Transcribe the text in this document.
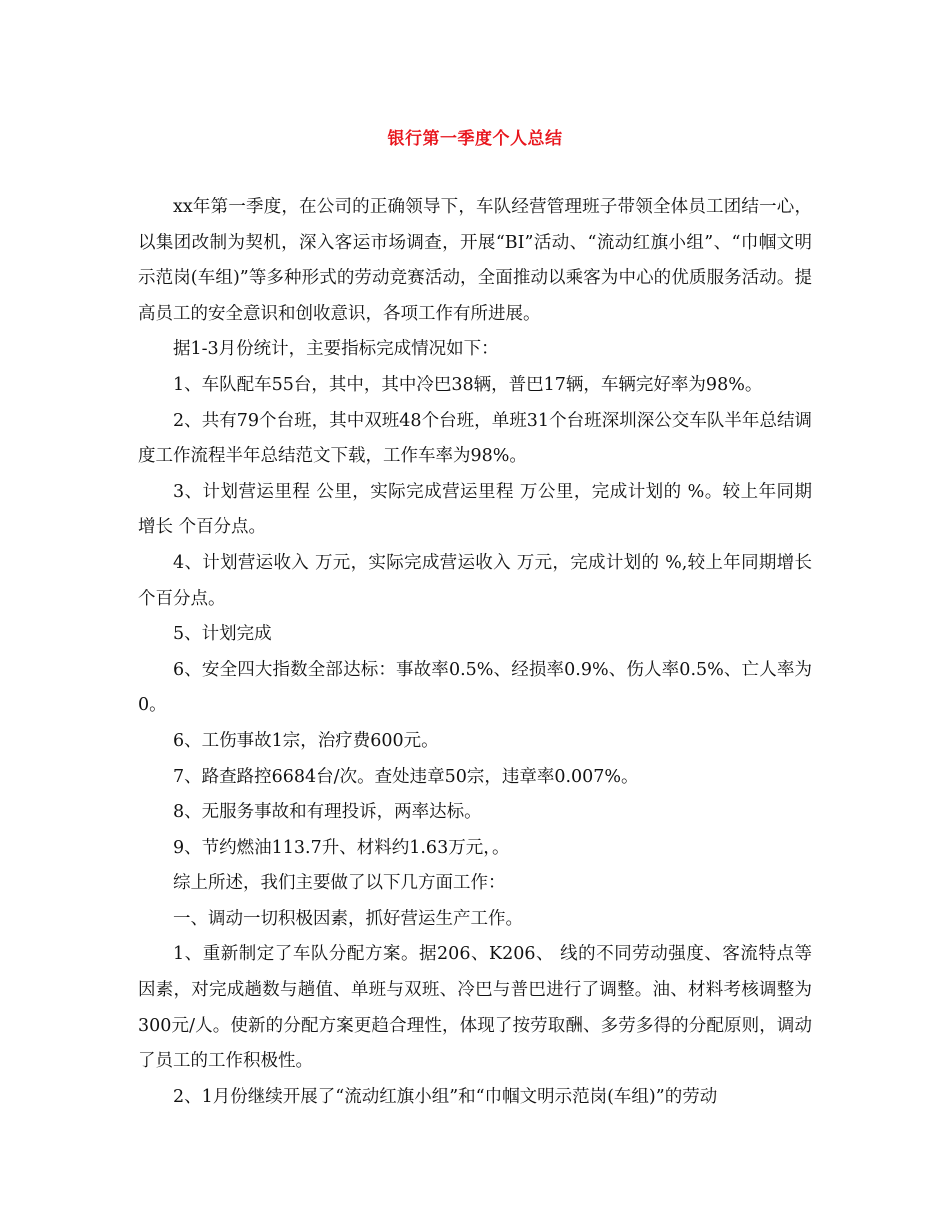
银行第一季度个人总结

xx年第一季度，在公司的正确领导下，车队经营管理班子带领全体员工团结一心，以集团改制为契机，深入客运市场调查，开展“BI”活动、“流动红旗小组”、“巾帼文明示范岗(车组)”等多种形式的劳动竞赛活动，全面推动以乘客为中心的优质服务活动。提高员工的安全意识和创收意识，各项工作有所进展。

据1-3月份统计，主要指标完成情况如下：

1、车队配车55台，其中，其中冷巴38辆，普巴17辆，车辆完好率为98%。

2、共有79个台班，其中双班48个台班，单班31个台班深圳深公交车队半年总结调度工作流程半年总结范文下载，工作车率为98%。

3、计划营运里程 公里，实际完成营运里程 万公里，完成计划的 %。较上年同期增长 个百分点。

4、计划营运收入 万元，实际完成营运收入 万元，完成计划的 %,较上年同期增长 个百分点。

5、计划完成

6、安全四大指数全部达标：事故率0.5%、经损率0.9%、伤人率0.5%、亡人率为0。

6、工伤事故1宗，治疗费600元。

7、路查路控6684台/次。查处违章50宗，违章率0.007%。

8、无服务事故和有理投诉，两率达标。

9、节约燃油113.7升、材料约1.63万元，。

综上所述，我们主要做了以下几方面工作：

一、调动一切积极因素，抓好营运生产工作。

1、重新制定了车队分配方案。据206、K206、 线的不同劳动强度、客流特点等因素，对完成趟数与趟值、单班与双班、冷巴与普巴进行了调整。油、材料考核调整为300元/人。使新的分配方案更趋合理性，体现了按劳取酬、多劳多得的分配原则，调动了员工的工作积极性。

2、1月份继续开展了“流动红旗小组”和“巾帼文明示范岗(车组)”的劳动
